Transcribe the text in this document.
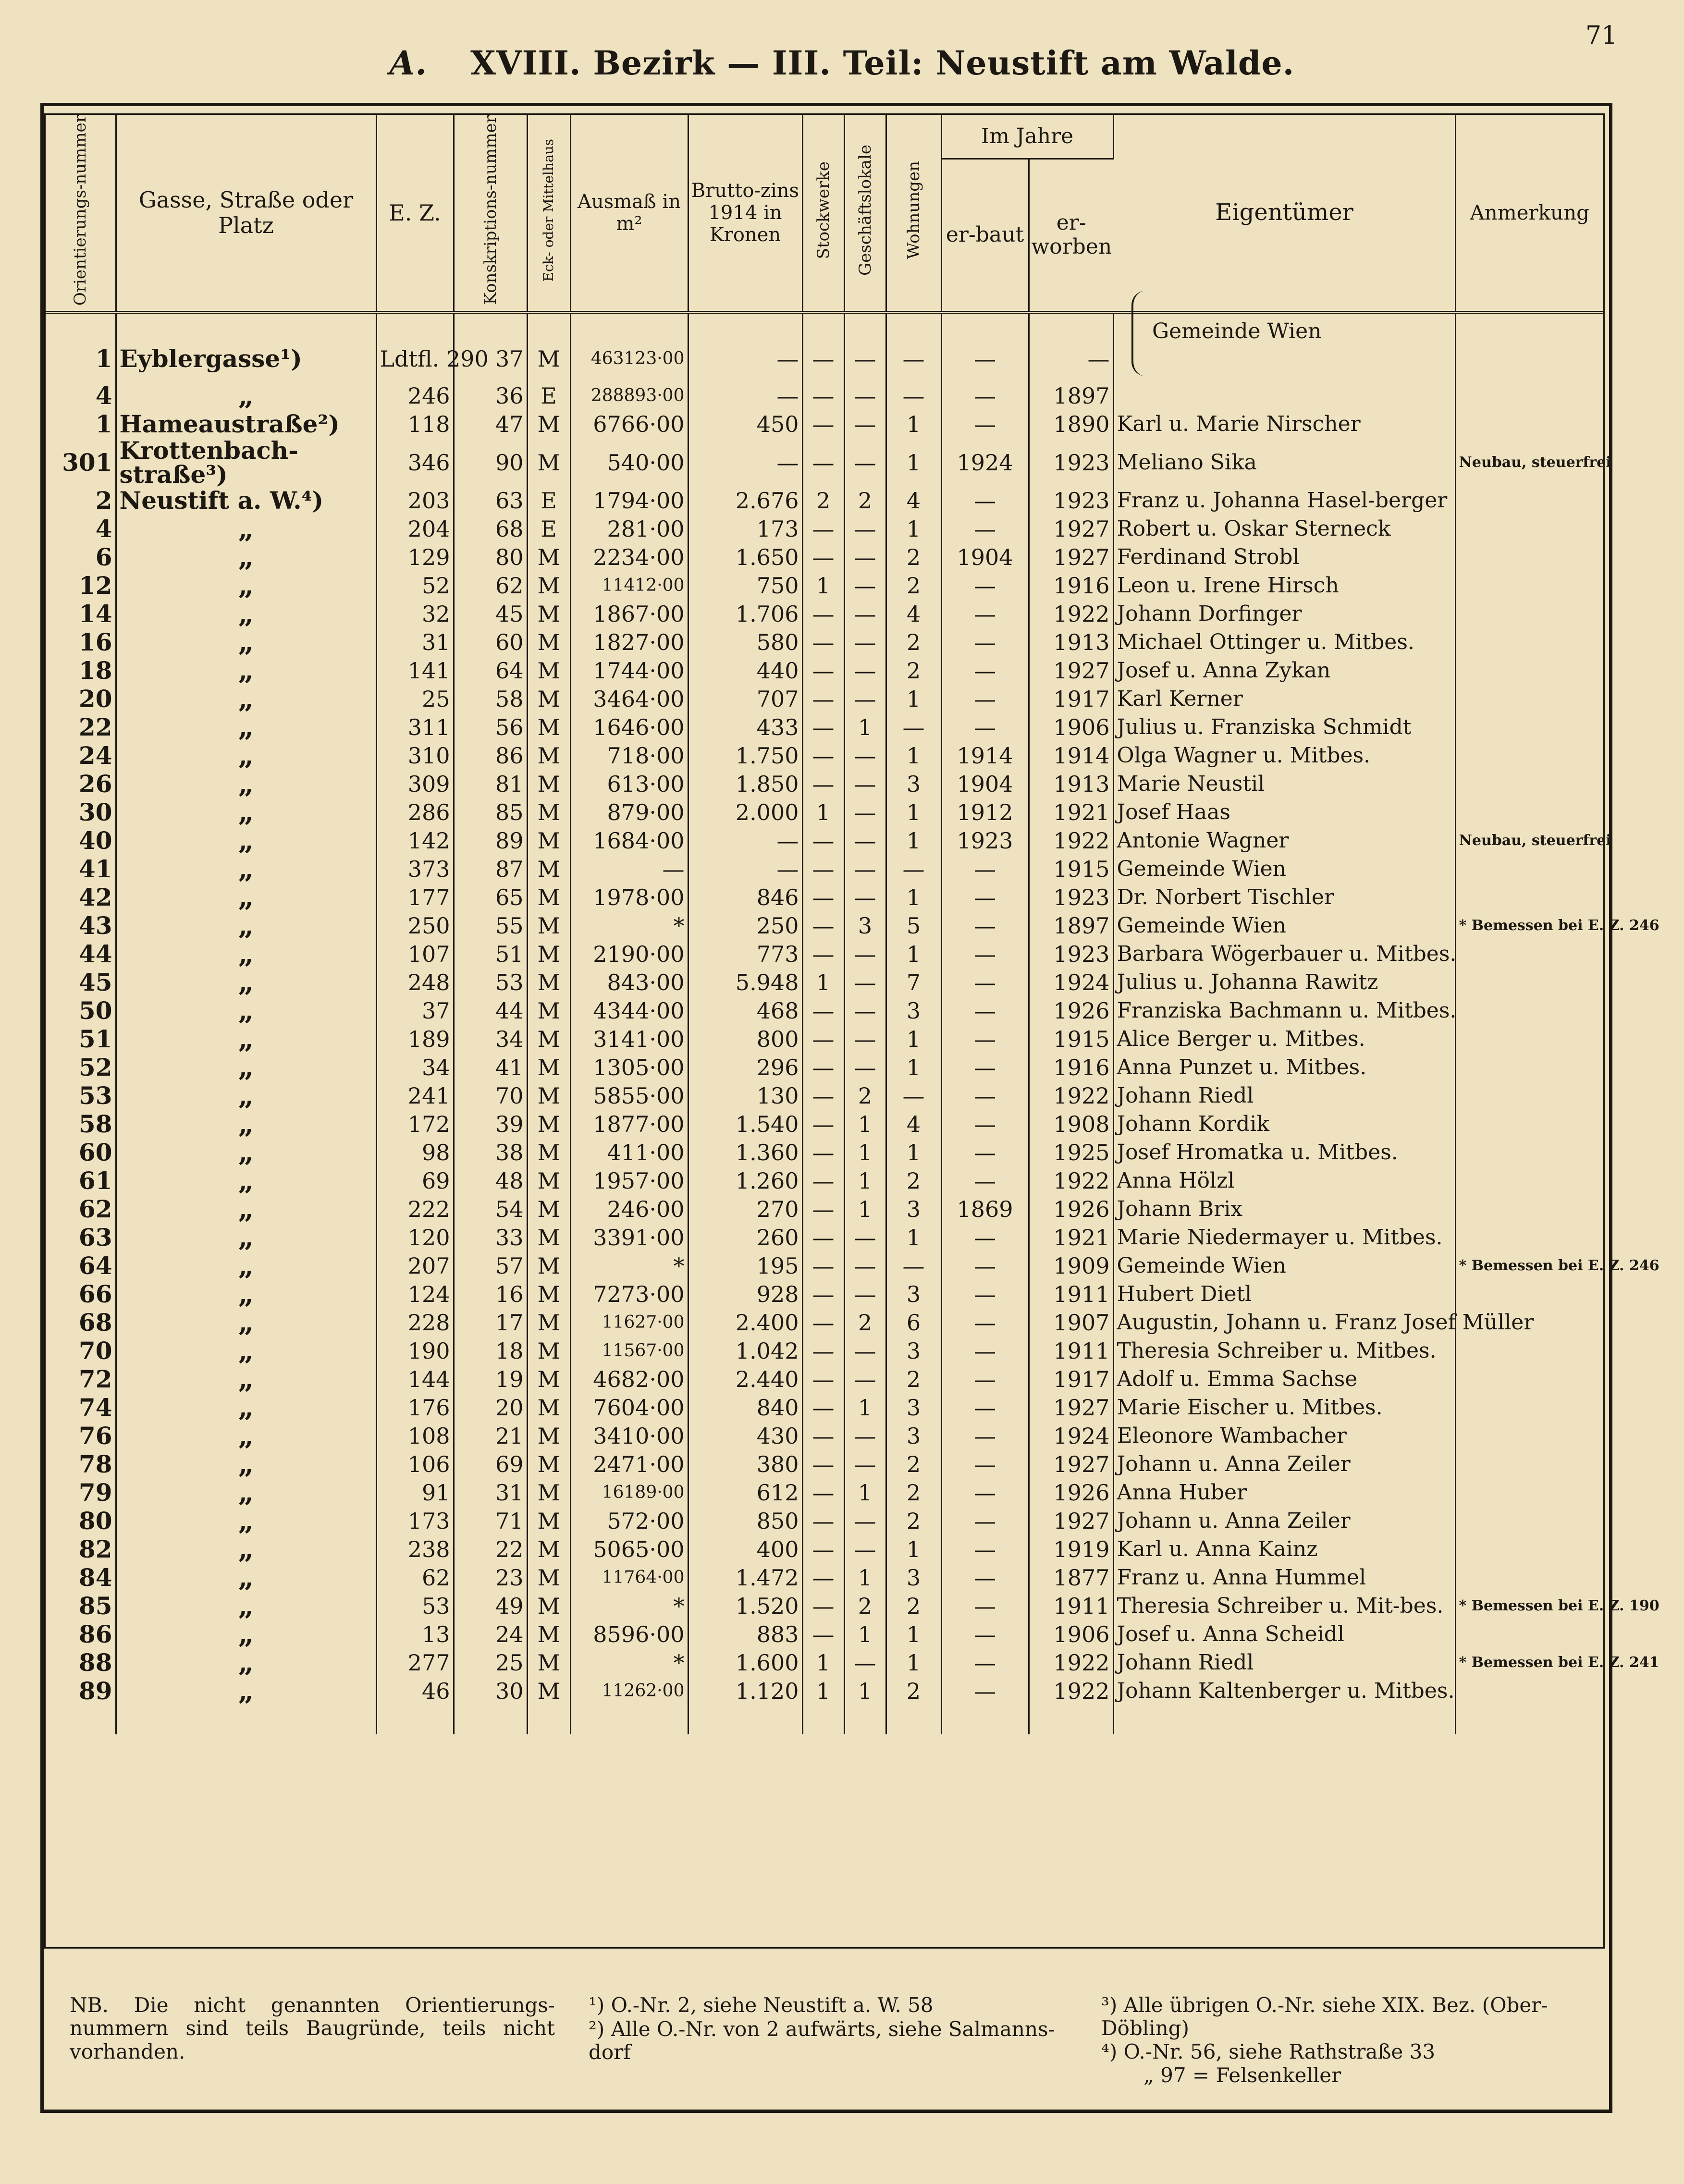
71
A. XVIII. Bezirk — III. Teil: Neustift am Walde.
Orientierungs-nummer	Gasse, Straße oder Platz	E. Z.	Konskriptions-nummer	Eck- oder Mittelhaus	Ausmaß in m²	Brutto-zins 1914 in Kronen	Stockwerke	Geschäftslokale	Wohnungen	Im Jahre		Eigentümer	Anmerkung
										er-baut	er-worben		

1	Eyblergasse¹)	Ldtfl. 290	37	M	463123·00	—	—	—	—	—	—		
4	„	246	36	E	288893·00	—	—	—	—	—	1897		
1	Hameaustraße²)	118	47	M	6766·00	450	—	—	1	—	1890	Karl u. Marie Nirscher	
301	Krottenbach-straße³)	346	90	M	540·00	—	—	—	1	1924	1923	Meliano Sika	Neubau, steuerfrei
2	Neustift a. W.⁴)	203	63	E	1794·00	2.676	2	2	4	—	1923	Franz u. Johanna Hasel-berger	
4	„	204	68	E	281·00	173	—	—	1	—	1927	Robert u. Oskar Sterneck	
6	„	129	80	M	2234·00	1.650	—	—	2	1904	1927	Ferdinand Strobl	
12	„	52	62	M	11412·00	750	1	—	2	—	1916	Leon u. Irene Hirsch	
14	„	32	45	M	1867·00	1.706	—	—	4	—	1922	Johann Dorfinger	
16	„	31	60	M	1827·00	580	—	—	2	—	1913	Michael Ottinger u. Mitbes.	
18	„	141	64	M	1744·00	440	—	—	2	—	1927	Josef u. Anna Zykan	
20	„	25	58	M	3464·00	707	—	—	1	—	1917	Karl Kerner	
22	„	311	56	M	1646·00	433	—	1	—	—	1906	Julius u. Franziska Schmidt	
24	„	310	86	M	718·00	1.750	—	—	1	1914	1914	Olga Wagner u. Mitbes.	
26	„	309	81	M	613·00	1.850	—	—	3	1904	1913	Marie Neustil	
30	„	286	85	M	879·00	2.000	1	—	1	1912	1921	Josef Haas	
40	„	142	89	M	1684·00	—	—	—	1	1923	1922	Antonie Wagner	Neubau, steuerfrei
41	„	373	87	M	—	—	—	—	—	—	1915	Gemeinde Wien	
42	„	177	65	M	1978·00	846	—	—	1	—	1923	Dr. Norbert Tischler	
43	„	250	55	M	*	250	—	3	5	—	1897	Gemeinde Wien	* Bemessen bei E. Z. 246
44	„	107	51	M	2190·00	773	—	—	1	—	1923	Barbara Wögerbauer u. Mitbes.	
45	„	248	53	M	843·00	5.948	1	—	7	—	1924	Julius u. Johanna Rawitz	
50	„	37	44	M	4344·00	468	—	—	3	—	1926	Franziska Bachmann u. Mitbes.	
51	„	189	34	M	3141·00	800	—	—	1	—	1915	Alice Berger u. Mitbes.	
52	„	34	41	M	1305·00	296	—	—	1	—	1916	Anna Punzet u. Mitbes.	
53	„	241	70	M	5855·00	130	—	2	—	—	1922	Johann Riedl	
58	„	172	39	M	1877·00	1.540	—	1	4	—	1908	Johann Kordik	
60	„	98	38	M	411·00	1.360	—	1	1	—	1925	Josef Hromatka u. Mitbes.	
61	„	69	48	M	1957·00	1.260	—	1	2	—	1922	Anna Hölzl	
62	„	222	54	M	246·00	270	—	1	3	1869	1926	Johann Brix	
63	„	120	33	M	3391·00	260	—	—	1	—	1921	Marie Niedermayer u. Mitbes.	
64	„	207	57	M	*	195	—	—	—	—	1909	Gemeinde Wien	* Bemessen bei E. Z. 246
66	„	124	16	M	7273·00	928	—	—	3	—	1911	Hubert Dietl	
68	„	228	17	M	11627·00	2.400	—	2	6	—	1907	Augustin, Johann u. Franz Josef Müller	
70	„	190	18	M	11567·00	1.042	—	—	3	—	1911	Theresia Schreiber u. Mitbes.	
72	„	144	19	M	4682·00	2.440	—	—	2	—	1917	Adolf u. Emma Sachse	
74	„	176	20	M	7604·00	840	—	1	3	—	1927	Marie Eischer u. Mitbes.	
76	„	108	21	M	3410·00	430	—	—	3	—	1924	Eleonore Wambacher	
78	„	106	69	M	2471·00	380	—	—	2	—	1927	Johann u. Anna Zeiler	
79	„	91	31	M	16189·00	612	—	1	2	—	1926	Anna Huber	
80	„	173	71	M	572·00	850	—	—	2	—	1927	Johann u. Anna Zeiler	
82	„	238	22	M	5065·00	400	—	—	1	—	1919	Karl u. Anna Kainz	
84	„	62	23	M	11764·00	1.472	—	1	3	—	1877	Franz u. Anna Hummel	
85	„	53	49	M	*	1.520	—	2	2	—	1911	Theresia Schreiber u. Mit-bes.	* Bemessen bei E. Z. 190
86	„	13	24	M	8596·00	883	—	1	1	—	1906	Josef u. Anna Scheidl	
88	„	277	25	M	*	1.600	1	—	1	—	1922	Johann Riedl	* Bemessen bei E. Z. 241
89	„	46	30	M	11262·00	1.120	1	1	2	—	1922	Johann Kaltenberger u. Mitbes.	

Gemeinde Wien
NB. Die nicht genannten Orientierungs-nummern sind teils Baugründe, teils nicht vorhanden.
¹) O.-Nr. 2, siehe Neustift a. W. 58
²) Alle O.-Nr. von 2 aufwärts, siehe Salmanns-dorf
³) Alle übrigen O.-Nr. siehe XIX. Bez. (Ober-Döbling)
⁴) O.-Nr. 56, siehe Rathstraße 33
„ 97 = Felsenkeller
